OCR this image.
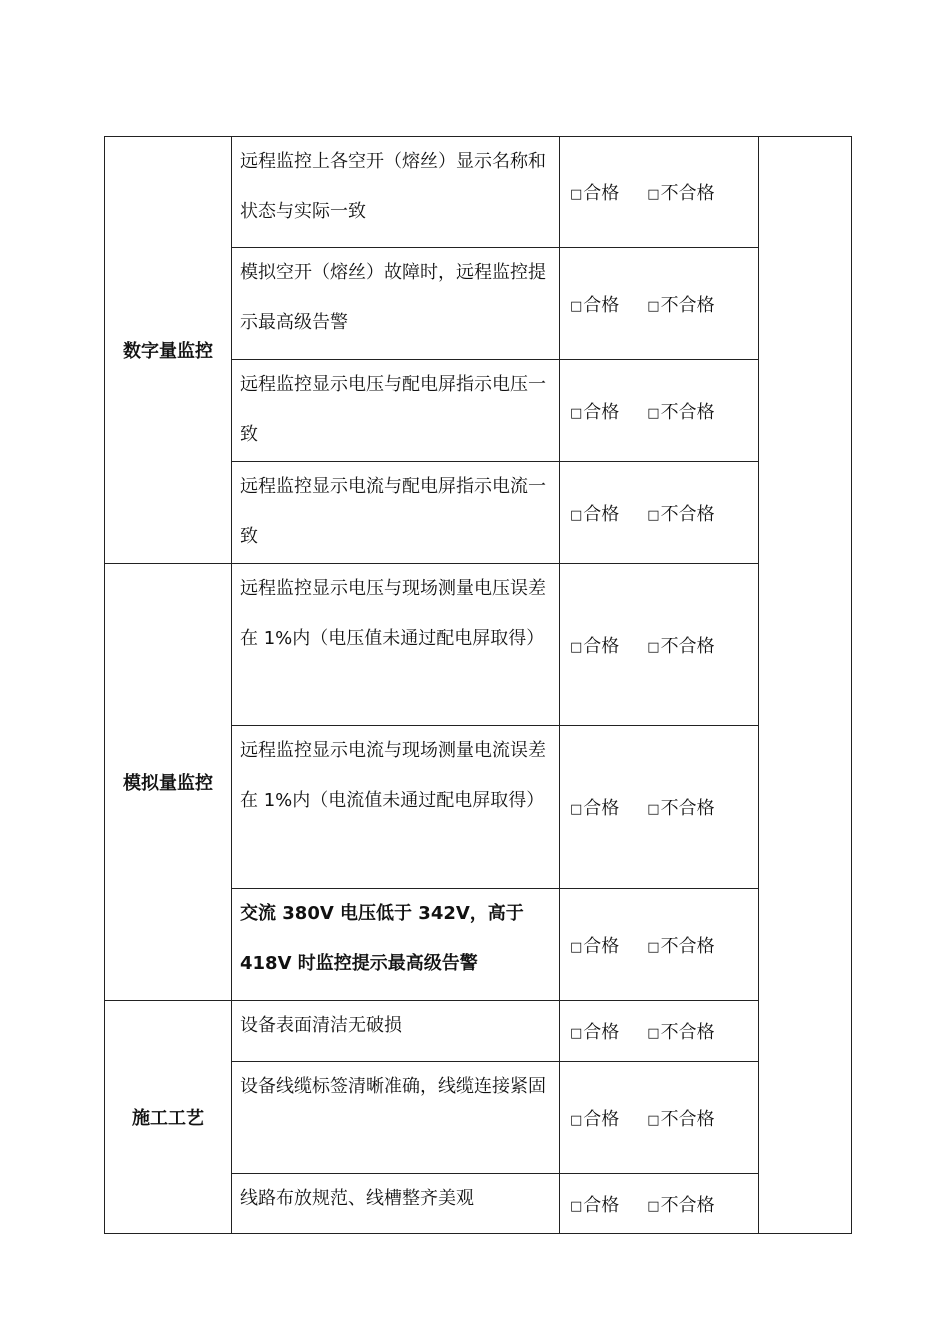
数字量监控	远程监控上各空开（熔丝）显示名称和状态与实际一致	□合格 □不合格	
	模拟空开（熔丝）故障时，远程监控提示最高级告警	□合格 □不合格	
	远程监控显示电压与配电屏指示电压一致	□合格 □不合格	
	远程监控显示电流与配电屏指示电流一致	□合格 □不合格	
模拟量监控	远程监控显示电压与现场测量电压误差在 1%内（电压值未通过配电屏取得）	□合格 □不合格	
	远程监控显示电流与现场测量电流误差在 1%内（电流值未通过配电屏取得）	□合格 □不合格	
	交流 380V 电压低于 342V，高于 418V 时监控提示最高级告警	□合格 □不合格	
施工工艺	设备表面清洁无破损	□合格 □不合格	
	设备线缆标签清晰准确，线缆连接紧固	□合格 □不合格	
	线路布放规范、线槽整齐美观	□合格 □不合格	
